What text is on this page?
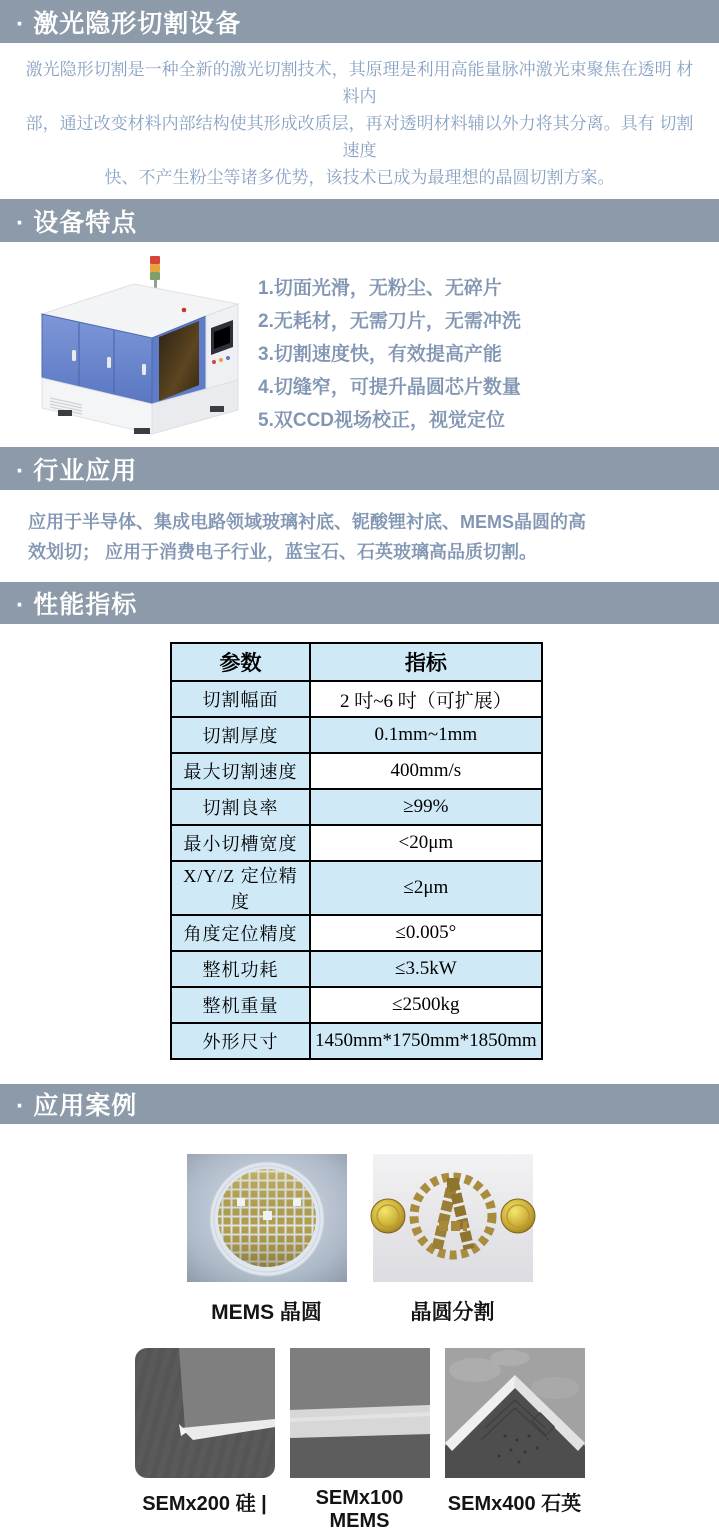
· 激光隐形切割设备
激光隐形切割是一种全新的激光切割技术，其原理是利用高能量脉冲激光束聚焦在透明 材料内
部，通过改变材料内部结构使其形成改质层，再对透明材料辅以外力将其分离。具有 切割速度
快、不产生粉尘等诸多优势，该技术已成为最理想的晶圆切割方案。
· 设备特点
1.切面光滑，无粉尘、无碎片
2.无耗材，无需刀片，无需冲洗
3.切割速度快，有效提高产能
4.切缝窄，可提升晶圆芯片数量
5.双CCD视场校正，视觉定位
· 行业应用
应用于半导体、集成电路领域玻璃衬底、铌酸锂衬底、MEMS晶圆的高
效划切； 应用于消费电子行业，蓝宝石、石英玻璃高品质切割。
· 性能指标
参数	指标
切割幅面	2 吋~6 吋（可扩展）
切割厚度	0.1mm~1mm
最大切割速度	400mm/s
切割良率	≥99%
最小切槽宽度	<20μm
X/Y/Z 定位精度	≤2μm
角度定位精度	≤0.005°
整机功耗	≤3.5kW
整机重量	≤2500kg
外形尺寸	1450mm*1750mm*1850mm
· 应用案例
MEMS 晶圆	晶圆分割
SEMx200 硅 |	SEMx100 MEMS
SEMx400 石英
